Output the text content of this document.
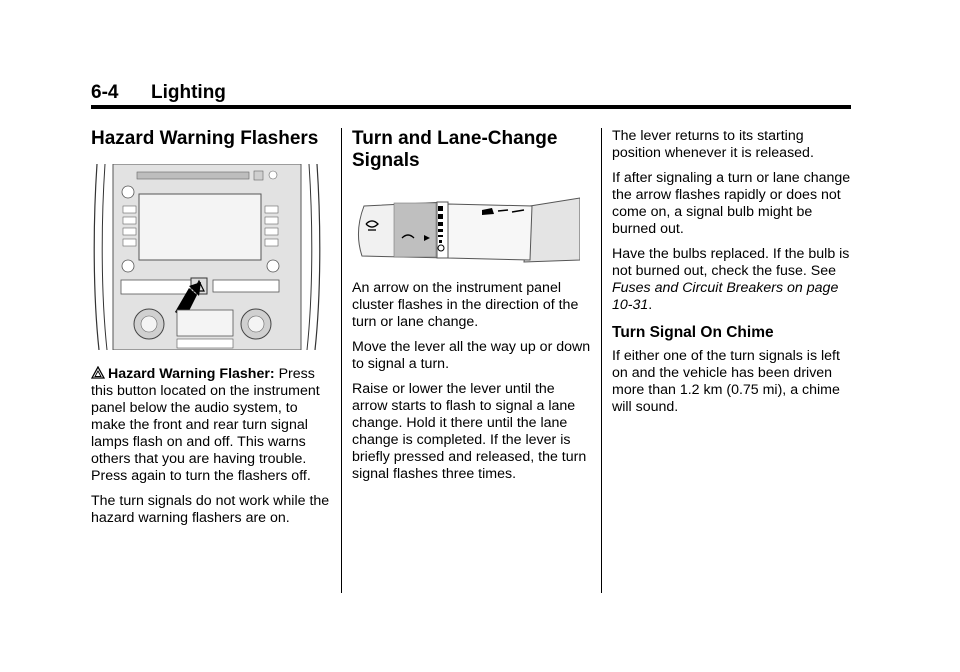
6-4 Lighting
Hazard Warning Flashers

Hazard Warning Flasher: Press this button located on the instrument panel below the audio system, to make the front and rear turn signal lamps flash on and off. This warns others that you are having trouble. Press again to turn the flashers off.

The turn signals do not work while the hazard warning flashers are on.

Turn and Lane-Change Signals

An arrow on the instrument panel cluster flashes in the direction of the turn or lane change.

Move the lever all the way up or down to signal a turn.

Raise or lower the lever until the arrow starts to flash to signal a lane change. Hold it there until the lane change is completed. If the lever is briefly pressed and released, the turn signal flashes three times.

The lever returns to its starting position whenever it is released.

If after signaling a turn or lane change the arrow flashes rapidly or does not come on, a signal bulb might be burned out.

Have the bulbs replaced. If the bulb is not burned out, check the fuse. See Fuses and Circuit Breakers on page 10-31.

Turn Signal On Chime

If either one of the turn signals is left on and the vehicle has been driven more than 1.2 km (0.75 mi), a chime will sound.
